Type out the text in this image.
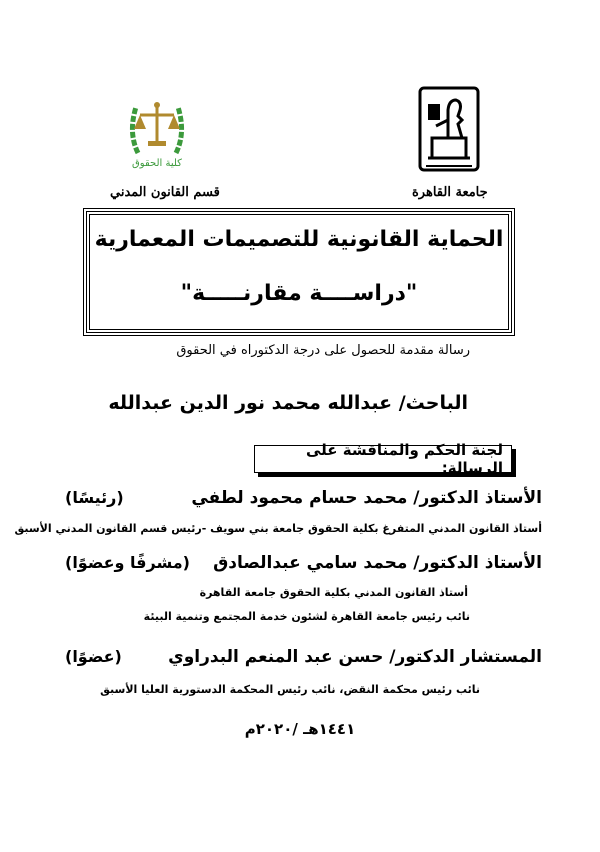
كلية الحقوق
جامعة القاهرة
قسم القانون المدني
الحماية القانونية للتصميمات المعمارية
"دراســــة مقارنـــــة"
رسالة مقدمة للحصول على درجة الدكتوراه في الحقوق
الباحث/ عبدالله محمد نور الدين عبدالله
لجنة الحكم والمناقشة على الرسالة:
الأستاذ الدكتور/ محمد حسام محمود لطفي
(رئيسًا)
أستاذ القانون المدني المتفرغ بكلية الحقوق جامعة بني سويف -رئيس قسم القانون المدني الأسبق
الأستاذ الدكتور/ محمد سامي عبدالصادق
(مشرفًا وعضوًا)
أستاذ القانون المدني بكلية الحقوق جامعة القاهرة
نائب رئيس جامعة القاهرة لشئون خدمة المجتمع وتنمية البيئة
المستشار الدكتور/ حسن عبد المنعم البدراوي
(عضوًا)
نائب رئيس محكمة النقض، نائب رئيس المحكمة الدستورية العليا الأسبق
١٤٤١هـ /٢٠٢٠م
